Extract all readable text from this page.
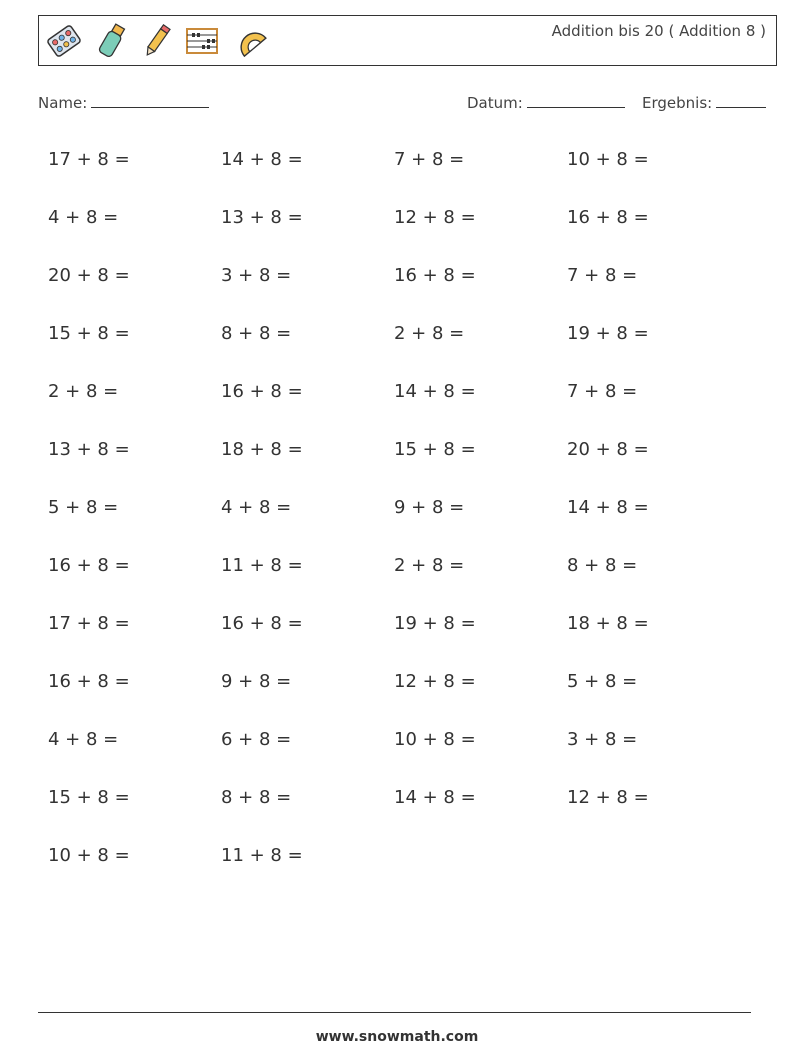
Addition bis 20 ( Addition 8 )
Name:	Datum:	Ergebnis:
17 + 8 =	14 + 8 =	7 + 8 =	10 + 8 =
4 + 8 =	13 + 8 =	12 + 8 =	16 + 8 =
20 + 8 =	3 + 8 =	16 + 8 =	7 + 8 =
15 + 8 =	8 + 8 =	2 + 8 =	19 + 8 =
2 + 8 =	16 + 8 =	14 + 8 =	7 + 8 =
13 + 8 =	18 + 8 =	15 + 8 =	20 + 8 =
5 + 8 =	4 + 8 =	9 + 8 =	14 + 8 =
16 + 8 =	11 + 8 =	2 + 8 =	8 + 8 =
17 + 8 =	16 + 8 =	19 + 8 =	18 + 8 =
16 + 8 =	9 + 8 =	12 + 8 =	5 + 8 =
4 + 8 =	6 + 8 =	10 + 8 =	3 + 8 =
15 + 8 =	8 + 8 =	14 + 8 =	12 + 8 =
10 + 8 =	11 + 8 =
www.snowmath.com
